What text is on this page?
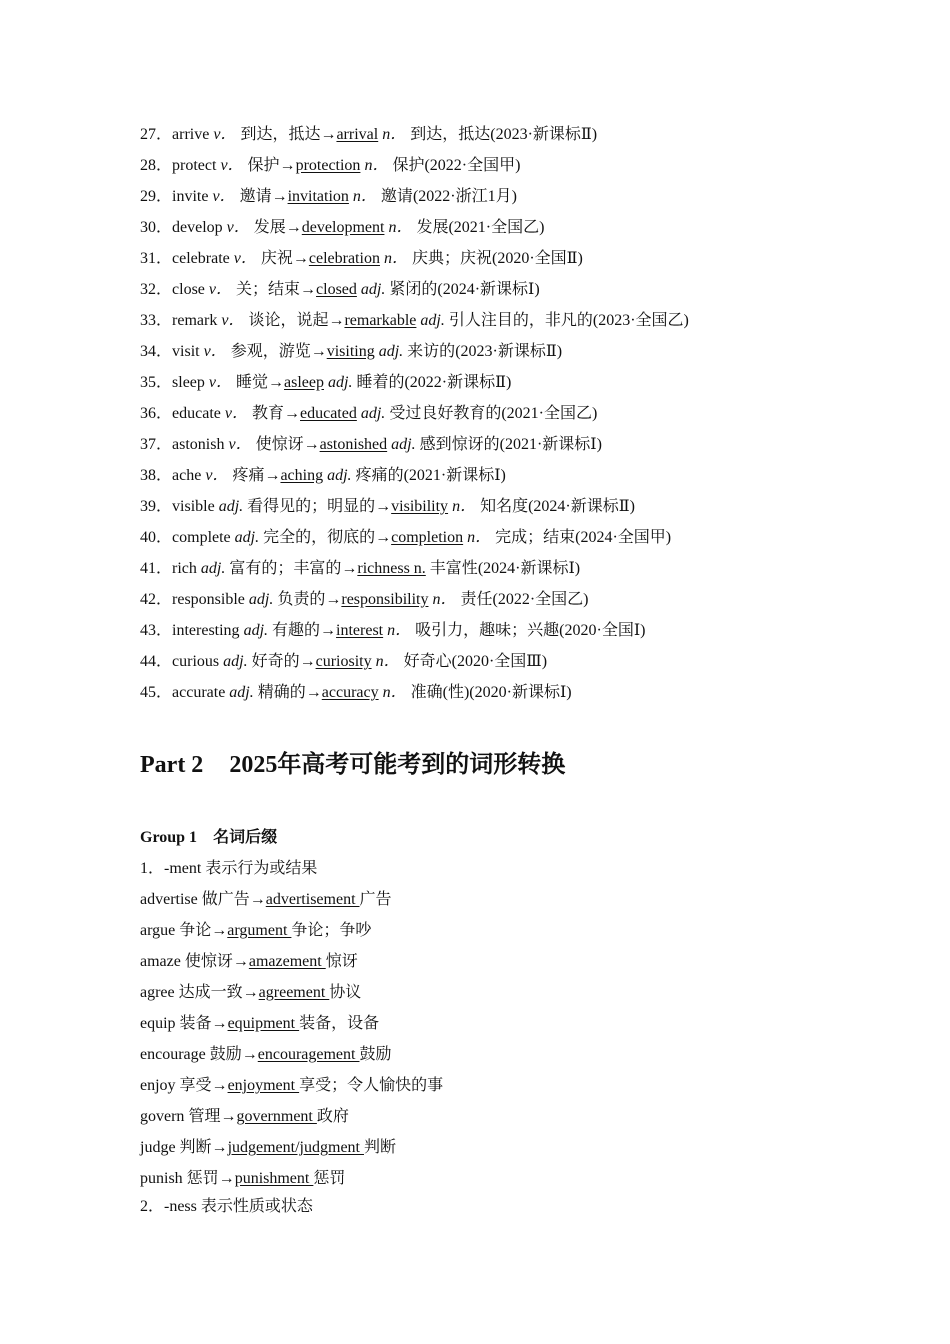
27．arrive v． 到达，抵达→arrival n． 到达，抵达(2023·新课标Ⅱ)
28．protect v． 保护→protection n． 保护(2022·全国甲)
29．invite v． 邀请→invitation n． 邀请(2022·浙江1月)
30．develop v． 发展→development n． 发展(2021·全国乙)
31．celebrate v． 庆祝→celebration n． 庆典；庆祝(2020·全国Ⅱ)
32．close v． 关；结束→closed adj. 紧闭的(2024·新课标Ⅰ)
33．remark v． 谈论，说起→remarkable adj. 引人注目的，非凡的(2023·全国乙)
34．visit v． 参观，游览→visiting adj. 来访的(2023·新课标Ⅱ)
35．sleep v． 睡觉→asleep adj. 睡着的(2022·新课标Ⅱ)
36．educate v． 教育→educated adj. 受过良好教育的(2021·全国乙)
37．astonish v． 使惊讶→astonished adj. 感到惊讶的(2021·新课标Ⅰ)
38．ache v． 疼痛→aching adj. 疼痛的(2021·新课标Ⅰ)
39．visible adj. 看得见的；明显的→visibility n． 知名度(2024·新课标Ⅱ)
40．complete adj. 完全的，彻底的→completion n． 完成；结束(2024·全国甲)
41．rich adj. 富有的；丰富的→richness n. 丰富性(2024·新课标Ⅰ)
42．responsible adj. 负责的→responsibility n． 责任(2022·全国乙)
43．interesting adj. 有趣的→interest n． 吸引力，趣味；兴趣(2020·全国Ⅰ)
44．curious adj. 好奇的→curiosity n． 好奇心(2020·全国Ⅲ)
45．accurate adj. 精确的→accuracy n． 准确(性)(2020·新课标Ⅰ)
Part 2 2025年高考可能考到的词形转换
Group 1 名词后缀
1．-ment 表示行为或结果
advertise 做广告→advertisement 广告
argue 争论→argument 争论；争吵
amaze 使惊讶→amazement 惊讶
agree 达成一致→agreement 协议
equip 装备→equipment 装备，设备
encourage 鼓励→encouragement 鼓励
enjoy 享受→enjoyment 享受；令人愉快的事
govern 管理→government 政府
judge 判断→judgement/judgment 判断
punish 惩罚→punishment 惩罚
2．-ness 表示性质或状态
